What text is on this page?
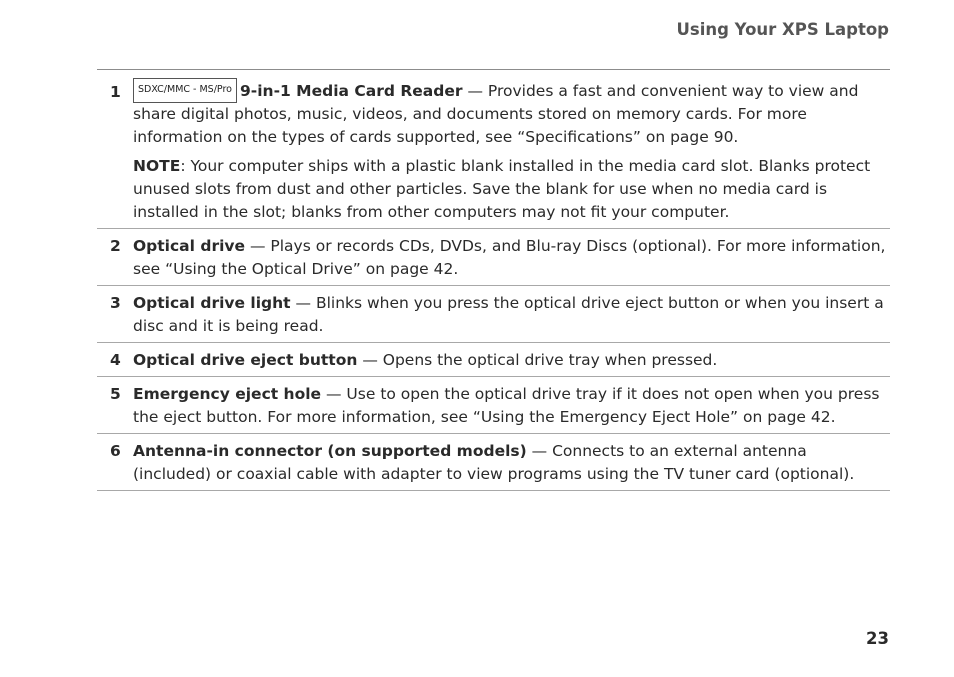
Using Your XPS Laptop
1	SDXC/MMC - MS/Pro 9-in-1 Media Card Reader — Provides a fast and convenient way to view and share digital photos, music, videos, and documents stored on memory cards. For more information on the types of cards supported, see “Specifications” on page 90.

NOTE: Your computer ships with a plastic blank installed in the media card slot. Blanks protect unused slots from dust and other particles. Save the blank for use when no media card is installed in the slot; blanks from other computers may not fit your computer.

2 Optical drive — Plays or records CDs, DVDs, and Blu-ray Discs (optional). For more information, see “Using the Optical Drive” on page 42.

3 Optical drive light — Blinks when you press the optical drive eject button or when you insert a disc and it is being read.

4 Optical drive eject button — Opens the optical drive tray when pressed.

5 Emergency eject hole — Use to open the optical drive tray if it does not open when you press the eject button. For more information, see “Using the Emergency Eject Hole” on page 42.

6 Antenna-in connector (on supported models) — Connects to an external antenna (included) or coaxial cable with adapter to view programs using the TV tuner card (optional).

23
